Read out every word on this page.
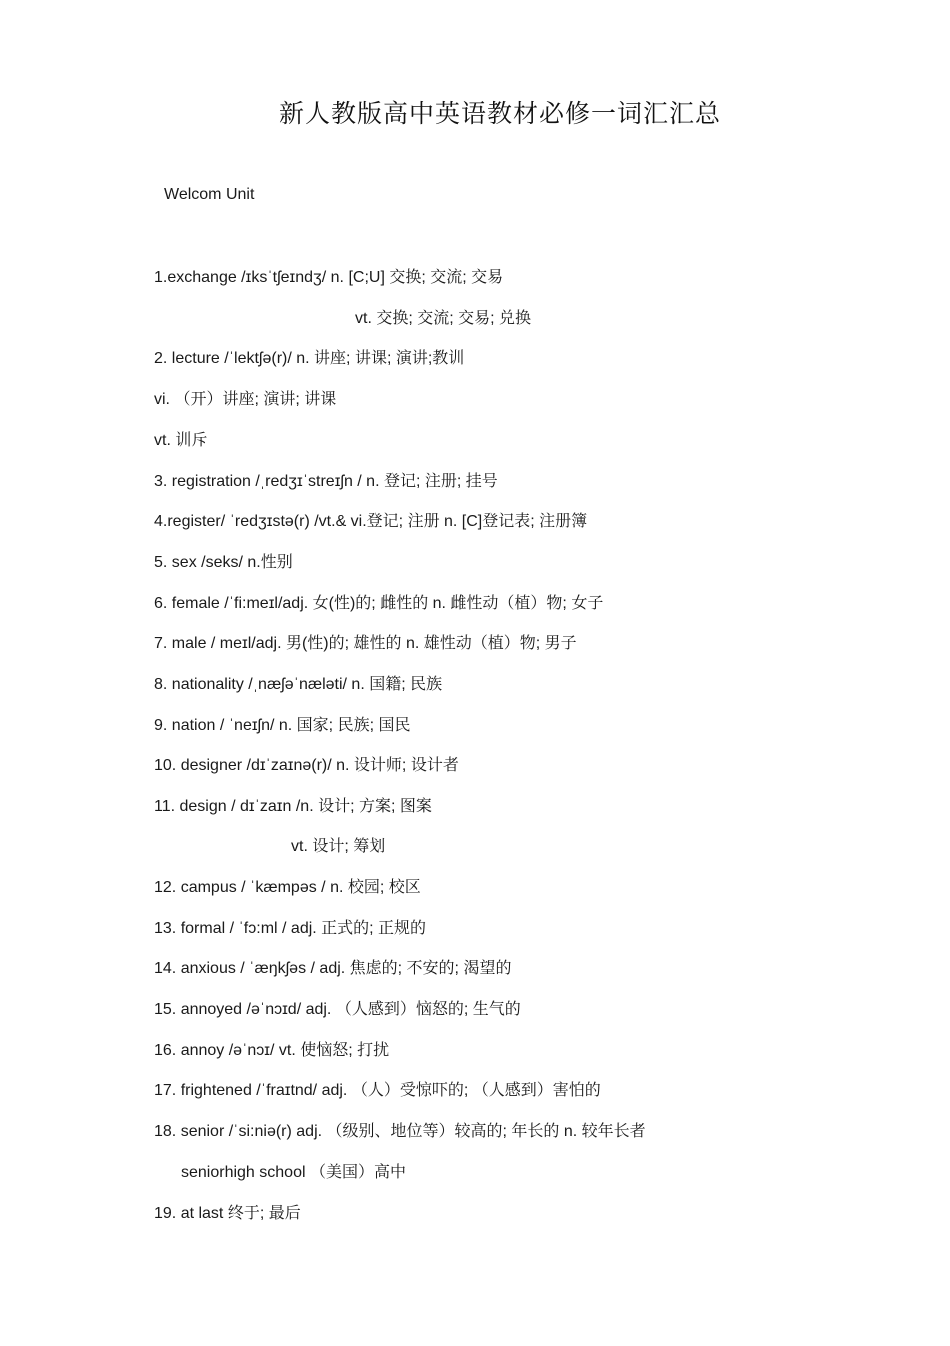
新人教版高中英语教材必修一词汇汇总

Welcom Unit

1.exchange /ɪksˈtʃeɪndʒ/ n. [C;U] 交换; 交流; 交易

vt. 交换; 交流; 交易; 兑换

2. lecture /ˈlektʃə(r)/ n. 讲座; 讲课; 演讲;教训

vi. （开）讲座; 演讲; 讲课

vt. 训斥

3. registration /ˌredʒɪˈstreɪʃn / n. 登记; 注册; 挂号

4.register/ ˈredʒɪstə(r) /vt.& vi.登记; 注册 n. [C]登记表; 注册簿

5. sex /seks/ n.性别

6. female /ˈfi:meɪl/adj. 女(性)的; 雌性的 n. 雌性动（植）物; 女子

7. male / meɪl/adj. 男(性)的; 雄性的 n. 雄性动（植）物; 男子

8. nationality /ˌnæʃəˈnæləti/ n. 国籍; 民族

9. nation / ˈneɪʃn/ n. 国家; 民族; 国民

10. designer /dɪˈzaɪnə(r)/ n. 设计师; 设计者

11. design / dɪˈzaɪn /n. 设计; 方案; 图案

vt. 设计; 筹划

12. campus / ˈkæmpəs / n. 校园; 校区

13. formal / ˈfɔ:ml / adj. 正式的; 正规的

14. anxious / ˈæŋkʃəs / adj. 焦虑的; 不安的; 渴望的

15. annoyed /əˈnɔɪd/ adj. （人感到）恼怒的; 生气的

16. annoy /əˈnɔɪ/ vt. 使恼怒; 打扰

17. frightened /ˈfraɪtnd/ adj. （人）受惊吓的; （人感到）害怕的

18. senior /ˈsi:niə(r) adj. （级别、地位等）较高的; 年长的 n. 较年长者

seniorhigh school （美国）高中

19. at last 终于; 最后
